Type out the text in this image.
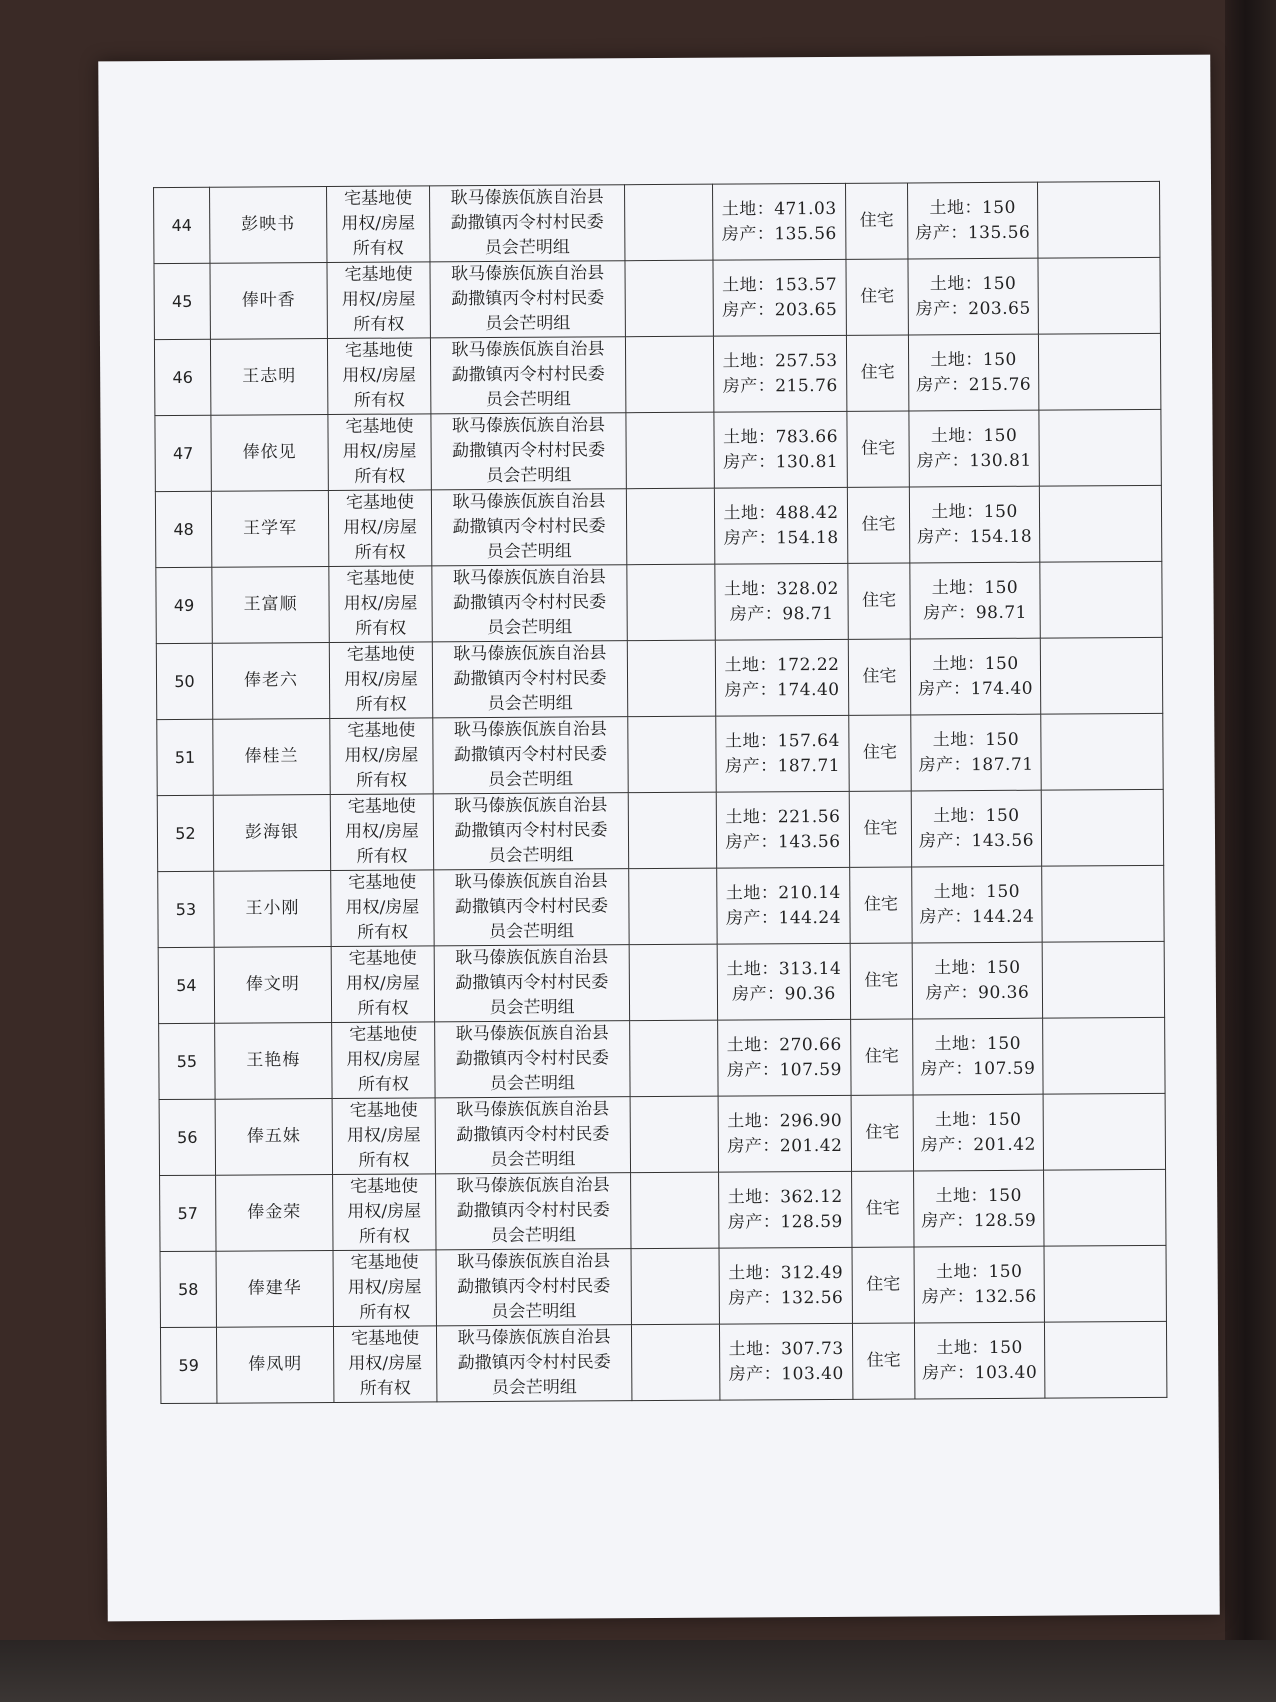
44	彭映书	宅基地使
用权/房屋
所有权	耿马傣族佤族自治县
勐撒镇丙令村村民委
员会芒明组		土地：471.03
房产：135.56	住宅	土地：150
房产：135.56	

45	俸叶香	宅基地使
用权/房屋
所有权	耿马傣族佤族自治县
勐撒镇丙令村村民委
员会芒明组		土地：153.57
房产：203.65	住宅	土地：150
房产：203.65	

46	王志明	宅基地使
用权/房屋
所有权	耿马傣族佤族自治县
勐撒镇丙令村村民委
员会芒明组		土地：257.53
房产：215.76	住宅	土地：150
房产：215.76	

47	俸依见	宅基地使
用权/房屋
所有权	耿马傣族佤族自治县
勐撒镇丙令村村民委
员会芒明组		土地：783.66
房产：130.81	住宅	土地：150
房产：130.81	

48	王学军	宅基地使
用权/房屋
所有权	耿马傣族佤族自治县
勐撒镇丙令村村民委
员会芒明组		土地：488.42
房产：154.18	住宅	土地：150
房产：154.18	

49	王富顺	宅基地使
用权/房屋
所有权	耿马傣族佤族自治县
勐撒镇丙令村村民委
员会芒明组		土地：328.02
房产：98.71	住宅	土地：150
房产：98.71	

50	俸老六	宅基地使
用权/房屋
所有权	耿马傣族佤族自治县
勐撒镇丙令村村民委
员会芒明组		土地：172.22
房产：174.40	住宅	土地：150
房产：174.40	

51	俸桂兰	宅基地使
用权/房屋
所有权	耿马傣族佤族自治县
勐撒镇丙令村村民委
员会芒明组		土地：157.64
房产：187.71	住宅	土地：150
房产：187.71	

52	彭海银	宅基地使
用权/房屋
所有权	耿马傣族佤族自治县
勐撒镇丙令村村民委
员会芒明组		土地：221.56
房产：143.56	住宅	土地：150
房产：143.56	

53	王小刚	宅基地使
用权/房屋
所有权	耿马傣族佤族自治县
勐撒镇丙令村村民委
员会芒明组		土地：210.14
房产：144.24	住宅	土地：150
房产：144.24	

54	俸文明	宅基地使
用权/房屋
所有权	耿马傣族佤族自治县
勐撒镇丙令村村民委
员会芒明组		土地：313.14
房产：90.36	住宅	土地：150
房产：90.36	

55	王艳梅	宅基地使
用权/房屋
所有权	耿马傣族佤族自治县
勐撒镇丙令村村民委
员会芒明组		土地：270.66
房产：107.59	住宅	土地：150
房产：107.59	

56	俸五妹	宅基地使
用权/房屋
所有权	耿马傣族佤族自治县
勐撒镇丙令村村民委
员会芒明组		土地：296.90
房产：201.42	住宅	土地：150
房产：201.42	

57	俸金荣	宅基地使
用权/房屋
所有权	耿马傣族佤族自治县
勐撒镇丙令村村民委
员会芒明组		土地：362.12
房产：128.59	住宅	土地：150
房产：128.59	

58	俸建华	宅基地使
用权/房屋
所有权	耿马傣族佤族自治县
勐撒镇丙令村村民委
员会芒明组		土地：312.49
房产：132.56	住宅	土地：150
房产：132.56	

59	俸凤明	宅基地使
用权/房屋
所有权	耿马傣族佤族自治县
勐撒镇丙令村村民委
员会芒明组		土地：307.73
房产：103.40	住宅	土地：150
房产：103.40	
